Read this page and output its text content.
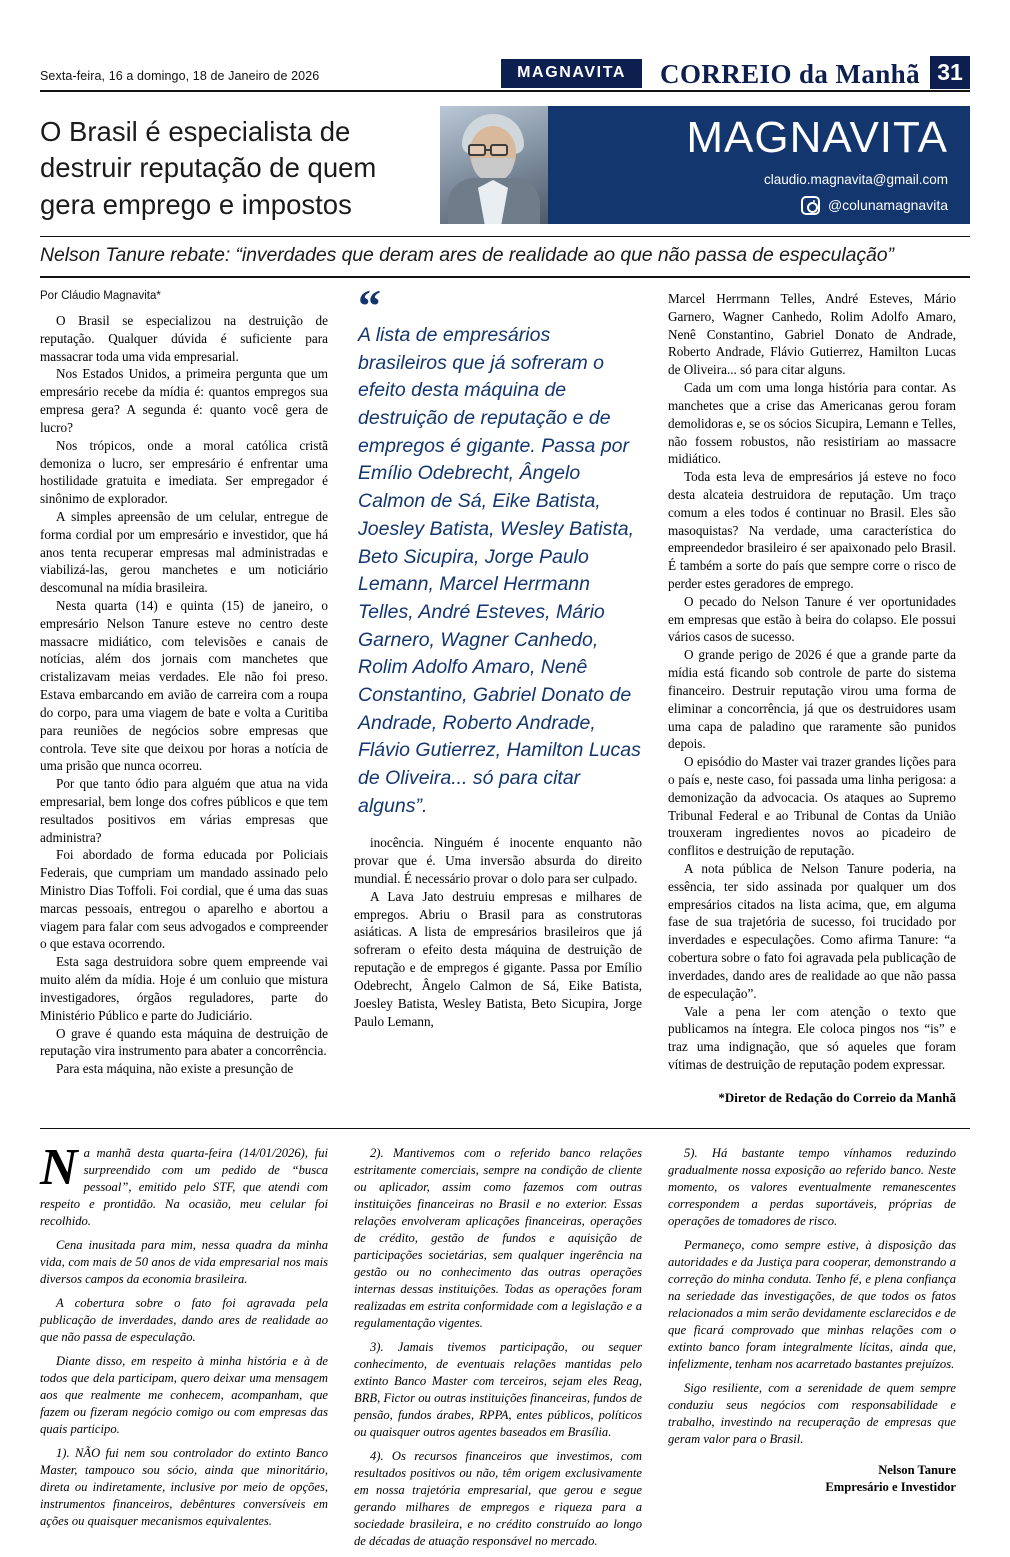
Sexta-feira, 16 a domingo, 18 de Janeiro de 2026	MAGNAVITA	CORREIO da Manhã 31
O Brasil é especialista de destruir reputação de quem gera emprego e impostos
MAGNAVITA
claudio.magnavita@gmail.com
@colunamagnavita
Nelson Tanure rebate: “inverdades que deram ares de realidade ao que não passa de especulação”
Por Cláudio Magnavita*

O Brasil se especializou na destruição de reputação. Qualquer dúvida é suficiente para massacrar toda uma vida empresarial.

Nos Estados Unidos, a primeira pergunta que um empresário recebe da mídia é: quantos empregos sua empresa gera? A segunda é: quanto você gera de lucro?

Nos trópicos, onde a moral católica cristã demoniza o lucro, ser empresário é enfrentar uma hostilidade gratuita e imediata. Ser empregador é sinônimo de explorador.

A simples apreensão de um celular, entregue de forma cordial por um empresário e investidor, que há anos tenta recuperar empresas mal administradas e viabilizá-las, gerou manchetes e um noticiário descomunal na mídia brasileira.

Nesta quarta (14) e quinta (15) de janeiro, o empresário Nelson Tanure esteve no centro deste massacre midiático, com televisões e canais de notícias, além dos jornais com manchetes que cristalizavam meias verdades. Ele não foi preso. Estava embarcando em avião de carreira com a roupa do corpo, para uma viagem de bate e volta a Curitiba para reuniões de negócios sobre empresas que controla. Teve site que deixou por horas a notícia de uma prisão que nunca ocorreu.

Por que tanto ódio para alguém que atua na vida empresarial, bem longe dos cofres públicos e que tem resultados positivos em várias empresas que administra?

Foi abordado de forma educada por Policiais Federais, que cumpriam um mandado assinado pelo Ministro Dias Toffoli. Foi cordial, que é uma das suas marcas pessoais, entregou o aparelho e abortou a viagem para falar com seus advogados e compreender o que estava ocorrendo.

Esta saga destruidora sobre quem empreende vai muito além da mídia. Hoje é um conluio que mistura investigadores, órgãos reguladores, parte do Ministério Público e parte do Judiciário.

O grave é quando esta máquina de destruição de reputação vira instrumento para abater a concorrência.

Para esta máquina, não existe a presunção de

“
A lista de empresários brasileiros que já sofreram o efeito desta máquina de destruição de reputação e de empregos é gigante. Passa por Emílio Odebrecht, Ângelo Calmon de Sá, Eike Batista, Joesley Batista, Wesley Batista, Beto Sicupira, Jorge Paulo Lemann, Marcel Herrmann Telles, André Esteves, Mário Garnero, Wagner Canhedo, Rolim Adolfo Amaro, Nenê Constantino, Gabriel Donato de Andrade, Roberto Andrade, Flávio Gutierrez, Hamilton Lucas de Oliveira... só para citar alguns”.

inocência. Ninguém é inocente enquanto não provar que é. Uma inversão absurda do direito mundial. É necessário provar o dolo para ser culpado.

A Lava Jato destruiu empresas e milhares de empregos. Abriu o Brasil para as construtoras asiáticas. A lista de empresários brasileiros que já sofreram o efeito desta máquina de destruição de reputação e de empregos é gigante. Passa por Emílio Odebrecht, Ângelo Calmon de Sá, Eike Batista, Joesley Batista, Wesley Batista, Beto Sicupira, Jorge Paulo Lemann,

Marcel Herrmann Telles, André Esteves, Mário Garnero, Wagner Canhedo, Rolim Adolfo Amaro, Nenê Constantino, Gabriel Donato de Andrade, Roberto Andrade, Flávio Gutierrez, Hamilton Lucas de Oliveira... só para citar alguns.

Cada um com uma longa história para contar. As manchetes que a crise das Americanas gerou foram demolidoras e, se os sócios Sicupira, Lemann e Telles, não fossem robustos, não resistiriam ao massacre midiático.

Toda esta leva de empresários já esteve no foco desta alcateia destruidora de reputação. Um traço comum a eles todos é continuar no Brasil. Eles são masoquistas? Na verdade, uma característica do empreendedor brasileiro é ser apaixonado pelo Brasil. É também a sorte do país que sempre corre o risco de perder estes geradores de emprego.

O pecado do Nelson Tanure é ver oportunidades em empresas que estão à beira do colapso. Ele possui vários casos de sucesso.

O grande perigo de 2026 é que a grande parte da mídia está ficando sob controle de parte do sistema financeiro. Destruir reputação virou uma forma de eliminar a concorrência, já que os destruidores usam uma capa de paladino que raramente são punidos depois.

O episódio do Master vai trazer grandes lições para o país e, neste caso, foi passada uma linha perigosa: a demonização da advocacia. Os ataques ao Supremo Tribunal Federal e ao Tribunal de Contas da União trouxeram ingredientes novos ao picadeiro de conflitos e destruição de reputação.

A nota pública de Nelson Tanure poderia, na essência, ter sido assinada por qualquer um dos empresários citados na lista acima, que, em alguma fase de sua trajetória de sucesso, foi trucidado por inverdades e especulações. Como afirma Tanure: “a cobertura sobre o fato foi agravada pela publicação de inverdades, dando ares de realidade ao que não passa de especulação”.

Vale a pena ler com atenção o texto que publicamos na íntegra. Ele coloca pingos nos “is” e traz uma indignação, que só aqueles que foram vítimas de destruição de reputação podem expressar.

*Diretor de Redação do Correio da Manhã

Na manhã desta quarta-feira (14/01/2026), fui surpreendido com um pedido de “busca pessoal”, emitido pelo STF, que atendi com respeito e prontidão. Na ocasião, meu celular foi recolhido.

Cena inusitada para mim, nessa quadra da minha vida, com mais de 50 anos de vida empresarial nos mais diversos campos da economia brasileira.

A cobertura sobre o fato foi agravada pela publicação de inverdades, dando ares de realidade ao que não passa de especulação.

Diante disso, em respeito à minha história e à de todos que dela participam, quero deixar uma mensagem aos que realmente me conhecem, acompanham, que fazem ou fizeram negócio comigo ou com empresas das quais participo.

1). NÃO fui nem sou controlador do extinto Banco Master, tampouco sou sócio, ainda que minoritário, direta ou indiretamente, inclusive por meio de opções, instrumentos financeiros, debêntures conversíveis em ações ou quaisquer mecanismos equivalentes.

2). Mantivemos com o referido banco relações estritamente comerciais, sempre na condição de cliente ou aplicador, assim como fazemos com outras instituições financeiras no Brasil e no exterior. Essas relações envolveram aplicações financeiras, operações de crédito, gestão de fundos e aquisição de participações societárias, sem qualquer ingerência na gestão ou no conhecimento das outras operações internas dessas instituições. Todas as operações foram realizadas em estrita conformidade com a legislação e a regulamentação vigentes.

3). Jamais tivemos participação, ou sequer conhecimento, de eventuais relações mantidas pelo extinto Banco Master com terceiros, sejam eles Reag, BRB, Fictor ou outras instituições financeiras, fundos de pensão, fundos árabes, RPPA, entes públicos, políticos ou quaisquer outros agentes baseados em Brasília.

4). Os recursos financeiros que investimos, com resultados positivos ou não, têm origem exclusivamente em nossa trajetória empresarial, que gerou e segue gerando milhares de empregos e riqueza para a sociedade brasileira, e no crédito construído ao longo de décadas de atuação responsável no mercado.

5). Há bastante tempo vínhamos reduzindo gradualmente nossa exposição ao referido banco. Neste momento, os valores eventualmente remanescentes correspondem a perdas suportáveis, próprias de operações de tomadores de risco.

Permaneço, como sempre estive, à disposição das autoridades e da Justiça para cooperar, demonstrando a correção do minha conduta. Tenho fé, e plena confiança na seriedade das investigações, de que todos os fatos relacionados a mim serão devidamente esclarecidos e de que ficará comprovado que minhas relações com o extinto banco foram integralmente lícitas, ainda que, infelizmente, tenham nos acarretado bastantes prejuízos.

Sigo resiliente, com a serenidade de quem sempre conduziu seus negócios com responsabilidade e trabalho, investindo na recuperação de empresas que geram valor para o Brasil.

Nelson Tanure
Empresário e Investidor
